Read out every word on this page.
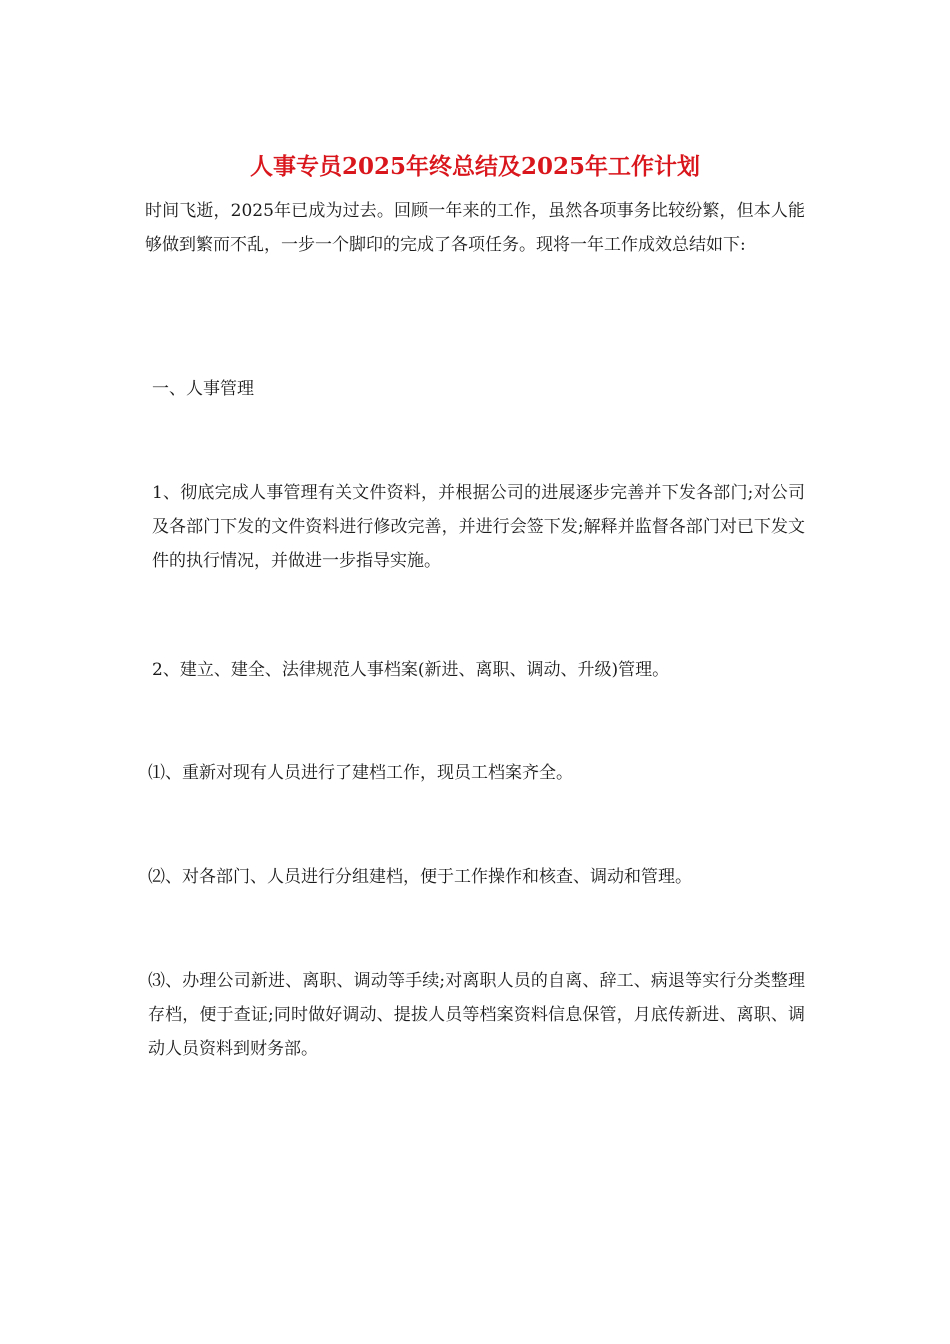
人事专员2025年终总结及2025年工作计划
时间飞逝，2025年已成为过去。回顾一年来的工作，虽然各项事务比较纷繁，但本人能够做到繁而不乱，一步一个脚印的完成了各项任务。现将一年工作成效总结如下:
一、人事管理
1、彻底完成人事管理有关文件资料，并根据公司的进展逐步完善并下发各部门;对公司及各部门下发的文件资料进行修改完善，并进行会签下发;解释并监督各部门对已下发文件的执行情况，并做进一步指导实施。
2、建立、建全、法律规范人事档案(新进、离职、调动、升级)管理。
⑴、重新对现有人员进行了建档工作，现员工档案齐全。
⑵、对各部门、人员进行分组建档，便于工作操作和核查、调动和管理。
⑶、办理公司新进、离职、调动等手续;对离职人员的自离、辞工、病退等实行分类整理存档，便于查证;同时做好调动、提拔人员等档案资料信息保管，月底传新进、离职、调动人员资料到财务部。
